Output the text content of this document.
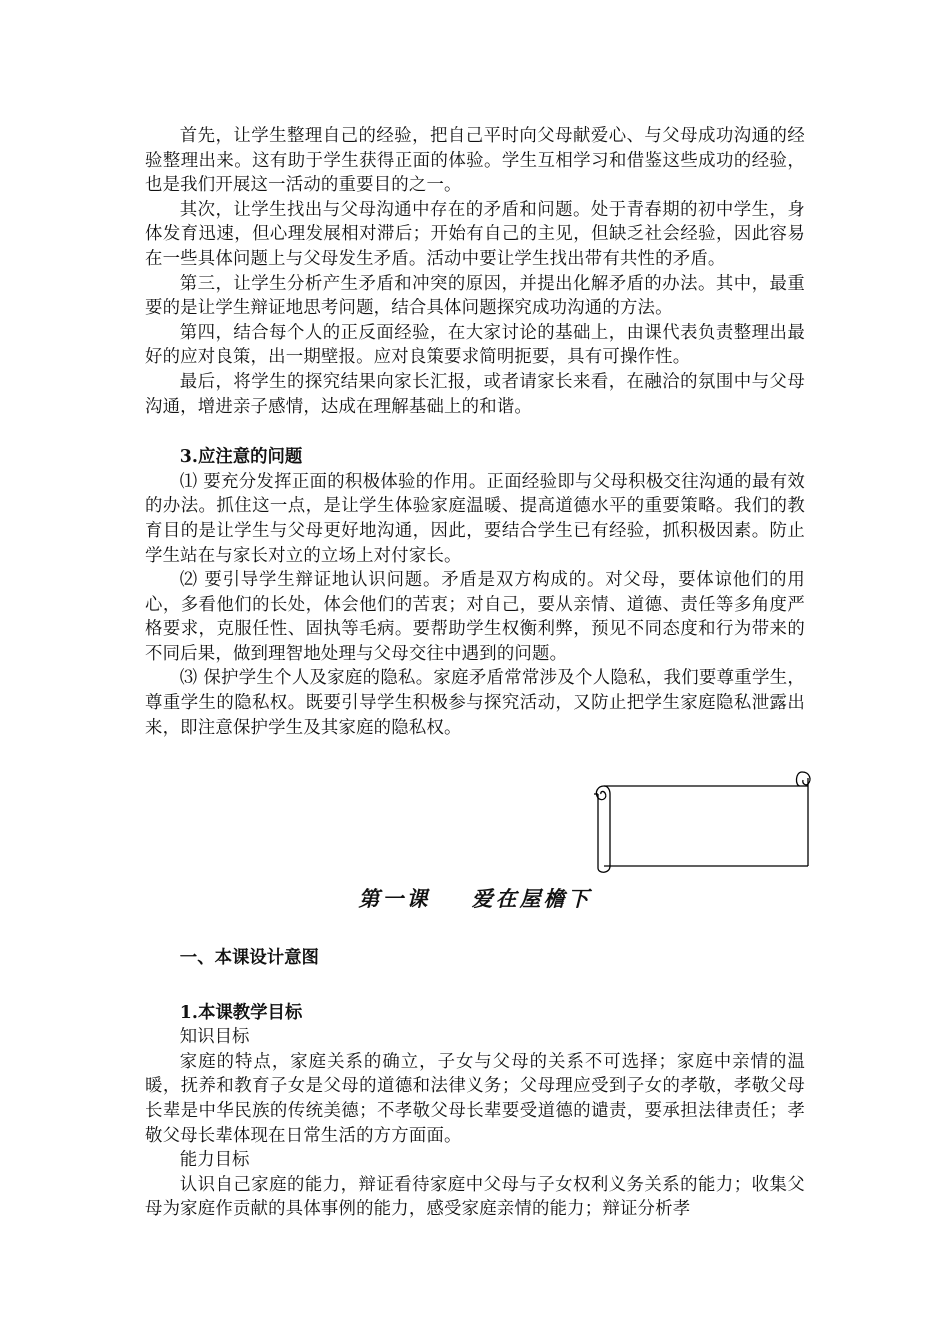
首先，让学生整理自己的经验，把自己平时向父母献爱心、与父母成功沟通的经验整理出来。这有助于学生获得正面的体验。学生互相学习和借鉴这些成功的经验，也是我们开展这一活动的重要目的之一。

其次，让学生找出与父母沟通中存在的矛盾和问题。处于青春期的初中学生，身体发育迅速，但心理发展相对滞后；开始有自己的主见，但缺乏社会经验，因此容易在一些具体问题上与父母发生矛盾。活动中要让学生找出带有共性的矛盾。

第三，让学生分析产生矛盾和冲突的原因，并提出化解矛盾的办法。其中，最重要的是让学生辩证地思考问题，结合具体问题探究成功沟通的方法。

第四，结合每个人的正反面经验，在大家讨论的基础上，由课代表负责整理出最好的应对良策，出一期壁报。应对良策要求简明扼要，具有可操作性。

最后，将学生的探究结果向家长汇报，或者请家长来看，在融洽的氛围中与父母沟通，增进亲子感情，达成在理解基础上的和谐。

3.应注意的问题

⑴ 要充分发挥正面的积极体验的作用。正面经验即与父母积极交往沟通的最有效的办法。抓住这一点，是让学生体验家庭温暖、提高道德水平的重要策略。我们的教育目的是让学生与父母更好地沟通，因此，要结合学生已有经验，抓积极因素。防止学生站在与家长对立的立场上对付家长。

⑵ 要引导学生辩证地认识问题。矛盾是双方构成的。对父母，要体谅他们的用心，多看他们的长处，体会他们的苦衷；对自己，要从亲情、道德、责任等多角度严格要求，克服任性、固执等毛病。要帮助学生权衡利弊，预见不同态度和行为带来的不同后果，做到理智地处理与父母交往中遇到的问题。

⑶ 保护学生个人及家庭的隐私。家庭矛盾常常涉及个人隐私，我们要尊重学生，尊重学生的隐私权。既要引导学生积极参与探究活动，又防止把学生家庭隐私泄露出来，即注意保护学生及其家庭的隐私权。

第一课    爱在屋檐下

一、本课设计意图

1.本课教学目标

知识目标

家庭的特点，家庭关系的确立，子女与父母的关系不可选择；家庭中亲情的温暖，抚养和教育子女是父母的道德和法律义务；父母理应受到子女的孝敬，孝敬父母长辈是中华民族的传统美德；不孝敬父母长辈要受道德的谴责，要承担法律责任；孝敬父母长辈体现在日常生活的方方面面。

能力目标

认识自己家庭的能力，辩证看待家庭中父母与子女权利义务关系的能力；收集父母为家庭作贡献的具体事例的能力，感受家庭亲情的能力；辩证分析孝
